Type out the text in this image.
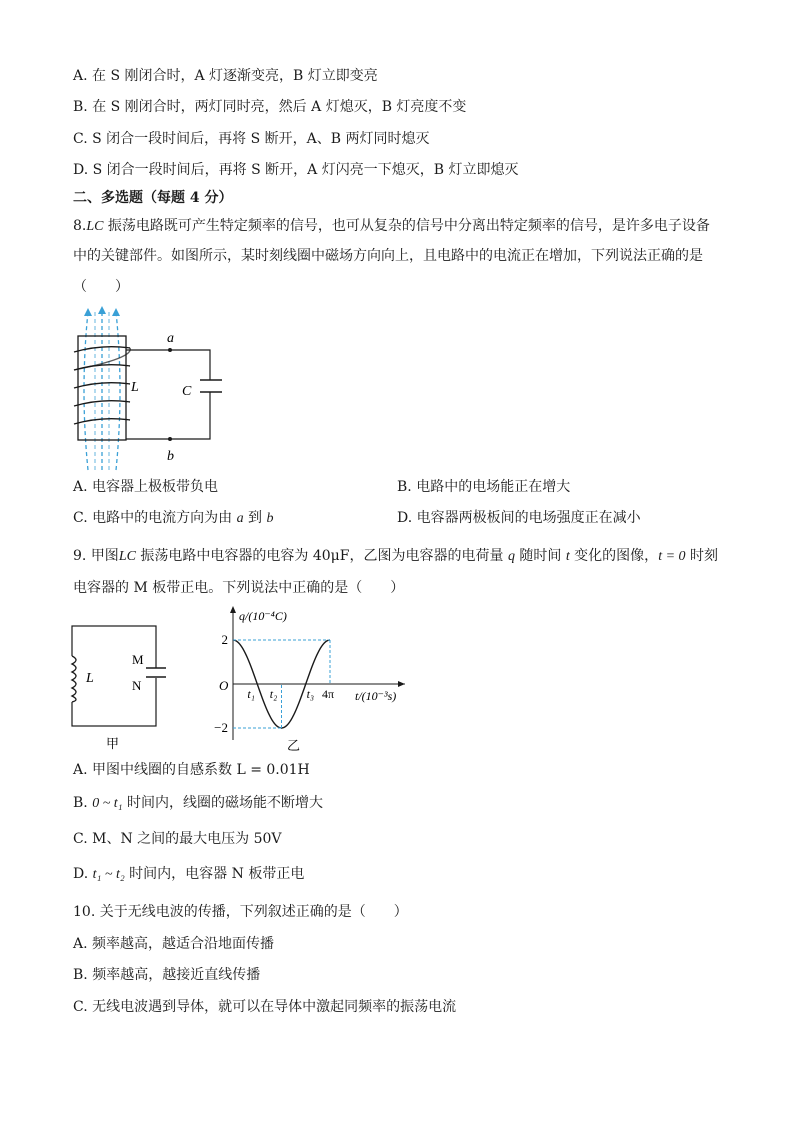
A. 在 S 刚闭合时，A 灯逐渐变亮，B 灯立即变亮
B. 在 S 刚闭合时，两灯同时亮，然后 A 灯熄灭，B 灯亮度不变
C. S 闭合一段时间后，再将 S 断开，A、B 两灯同时熄灭
D. S 闭合一段时间后，再将 S 断开，A 灯闪亮一下熄灭，B 灯立即熄灭
二、多选题（每题 4 分）
8.LC 振荡电路既可产生特定频率的信号，也可从复杂的信号中分离出特定频率的信号，是许多电子设备
中的关键部件。如图所示，某时刻线圈中磁场方向向上，且电路中的电流正在增加，下列说法正确的是
（　　）
a
b
L	C
A. 电容器上极板带负电	B. 电路中的电场能正在增大
C. 电路中的电流方向为由 a 到 b	D. 电容器两极板间的电场强度正在减小
9. 甲图LC 振荡电路中电容器的电容为 40μF，乙图为电容器的电荷量 q 随时间 t 变化的图像，t = 0 时刻
电容器的 M 板带正电。下列说法中正确的是（　　）
L
M
N
甲
2
−2
t₁ t₂ t₃ 4π
q/(10⁻⁴C)
t/(10⁻³s)
O
乙
A. 甲图中线圈的自感系数 L = 0.01H
B. 0 ~ t₁ 时间内，线圈的磁场能不断增大
C. M、N 之间的最大电压为 50V
D. t₁ ~ t₂ 时间内，电容器 N 板带正电
10. 关于无线电波的传播，下列叙述正确的是（　　）
A. 频率越高，越适合沿地面传播
B. 频率越高，越接近直线传播
C. 无线电波遇到导体，就可以在导体中激起同频率的振荡电流
